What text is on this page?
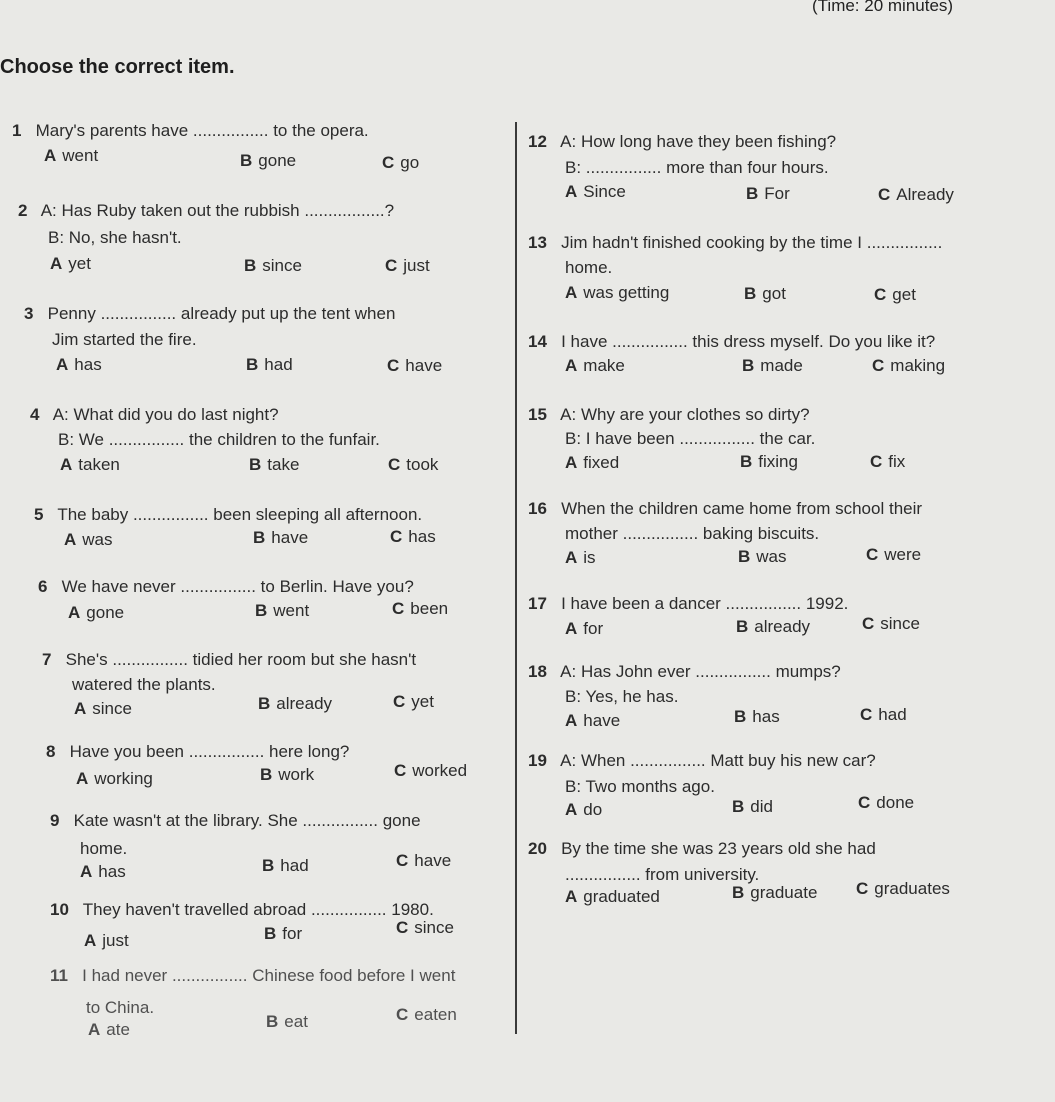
(Time: 20 minutes)
Choose the correct item.
1 Mary's parents have ................ to the opera.
A went	B gone	C go
2 A: Has Ruby taken out the rubbish .................?
B: No, she hasn't.
A yet	B since	C just
3 Penny ................ already put up the tent when
Jim started the fire.
A has	B had	C have
4 A: What did you do last night?
B: We ................ the children to the funfair.
A taken	B take	C took
5 The baby ................ been sleeping all afternoon.
A was	B have	C has
6 We have never ................ to Berlin. Have you?
A gone	B went	C been
7 She's ................ tidied her room but she hasn't
watered the plants.
A since	B already	C yet
8 Have you been ................ here long?
A working	B work	C worked
9 Kate wasn't at the library. She ................ gone
home.
A has	B had	C have
10 They haven't travelled abroad ................ 1980.
A just	B for	C since
11 I had never ................ Chinese food before I went
to China.
A ate	B eat	C eaten
12 A: How long have they been fishing?
B: ................ more than four hours.
A Since	B For	C Already
13 Jim hadn't finished cooking by the time I ................
home.
A was getting	B got	C get
14 I have ................ this dress myself. Do you like it?
A make	B made	C making
15 A: Why are your clothes so dirty?
B: I have been ................ the car.
A fixed	B fixing	C fix
16 When the children came home from school their
mother ................ baking biscuits.
A is	B was	C were
17 I have been a dancer ................ 1992.
A for	B already	C since
18 A: Has John ever ................ mumps?
B: Yes, he has.
A have	B has	C had
19 A: When ................ Matt buy his new car?
B: Two months ago.
A do	B did	C done
20 By the time she was 23 years old she had
................ from university.
A graduated	B graduate C graduates
